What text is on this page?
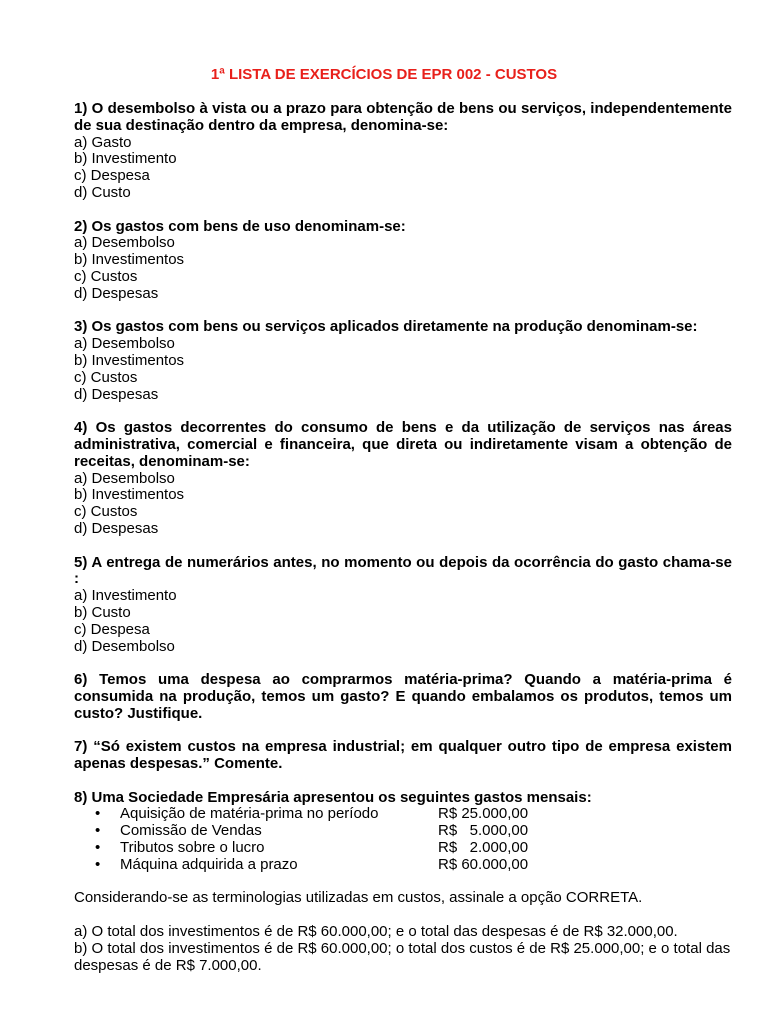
1ª LISTA DE EXERCÍCIOS DE EPR 002 - CUSTOS
1) O desembolso à vista ou a prazo para obtenção de bens ou serviços, independentemente de sua destinação dentro da empresa, denomina-se:
a) Gasto
b) Investimento
c) Despesa
d) Custo
2) Os gastos com bens de uso denominam-se:
a) Desembolso
b) Investimentos
c) Custos
d) Despesas
3) Os gastos com bens ou serviços aplicados diretamente na produção denominam-se:
a) Desembolso
b) Investimentos
c) Custos
d) Despesas
4) Os gastos decorrentes do consumo de bens e da utilização de serviços nas áreas administrativa, comercial e financeira, que direta ou indiretamente visam a obtenção de receitas, denominam-se:
a) Desembolso
b) Investimentos
c) Custos
d) Despesas
5) A entrega de numerários antes, no momento ou depois da ocorrência do gasto chama-se :
a) Investimento
b) Custo
c) Despesa
d) Desembolso
6) Temos uma despesa ao comprarmos matéria-prima? Quando a matéria-prima é consumida na produção, temos um gasto? E quando embalamos os produtos, temos um custo? Justifique.
7) “Só existem custos na empresa industrial; em qualquer outro tipo de empresa existem apenas despesas.” Comente.
8) Uma Sociedade Empresária apresentou os seguintes gastos mensais:
• Aquisição de matéria-prima no período	R$ 25.000,00
• Comissão de Vendas	R$   5.000,00
• Tributos sobre o lucro	R$   2.000,00
• Máquina adquirida a prazo	R$ 60.000,00
Considerando-se as terminologias utilizadas em custos, assinale a opção CORRETA.
a) O total dos investimentos é de R$ 60.000,00; e o total das despesas é de R$ 32.000,00.
b) O total dos investimentos é de R$ 60.000,00; o total dos custos é de R$ 25.000,00; e o total das despesas é de R$ 7.000,00.
